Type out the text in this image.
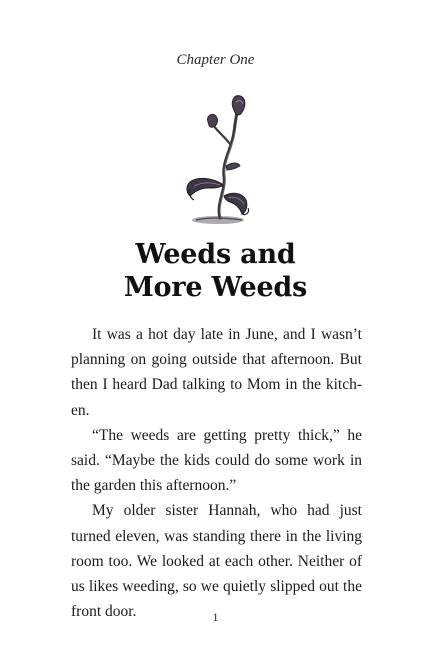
Chapter One
Weeds and
More Weeds
It was a hot day late in June, and I wasn’t
planning on going outside that afternoon. But
then I heard Dad talking to Mom in the kitch-
en.
“The weeds are getting pretty thick,” he
said. “Maybe the kids could do some work in
the garden this afternoon.”
My older sister Hannah, who had just
turned eleven, was standing there in the living
room too. We looked at each other. Neither of
us likes weeding, so we quietly slipped out the
front door.	1
